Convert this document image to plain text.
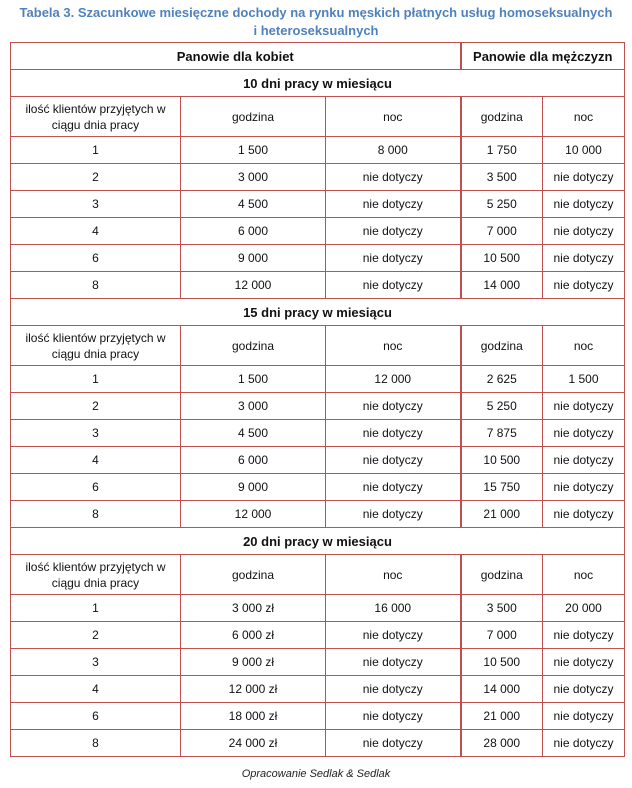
Tabela 3. Szacunkowe miesięczne dochody na rynku męskich płatnych usług homoseksualnych
i heteroseksualnych
Panowie dla kobiet			Panowie dla mężczyzn	
10 dni pracy w miesiącu				
ilość klientów przyjętych w ciągu dnia pracy	godzina	noc	godzina	noc
1	1 500	8 000	1 750	10 000
2	3 000	nie dotyczy	3 500	nie dotyczy
3	4 500	nie dotyczy	5 250	nie dotyczy
4	6 000	nie dotyczy	7 000	nie dotyczy
6	9 000	nie dotyczy	10 500	nie dotyczy
8	12 000	nie dotyczy	14 000	nie dotyczy
15 dni pracy w miesiącu				
ilość klientów przyjętych w ciągu dnia pracy	godzina	noc	godzina	noc
1	1 500	12 000	2 625	1 500
2	3 000	nie dotyczy	5 250	nie dotyczy
3	4 500	nie dotyczy	7 875	nie dotyczy
4	6 000	nie dotyczy	10 500	nie dotyczy
6	9 000	nie dotyczy	15 750	nie dotyczy
8	12 000	nie dotyczy	21 000	nie dotyczy
20 dni pracy w miesiącu				
ilość klientów przyjętych w ciągu dnia pracy	godzina	noc	godzina	noc
1	3 000 zł	16 000	3 500	20 000
2	6 000 zł	nie dotyczy	7 000	nie dotyczy
3	9 000 zł	nie dotyczy	10 500	nie dotyczy
4	12 000 zł	nie dotyczy	14 000	nie dotyczy
6	18 000 zł	nie dotyczy	21 000	nie dotyczy
8	24 000 zł	nie dotyczy	28 000	nie dotyczy
Opracowanie Sedlak & Sedlak
